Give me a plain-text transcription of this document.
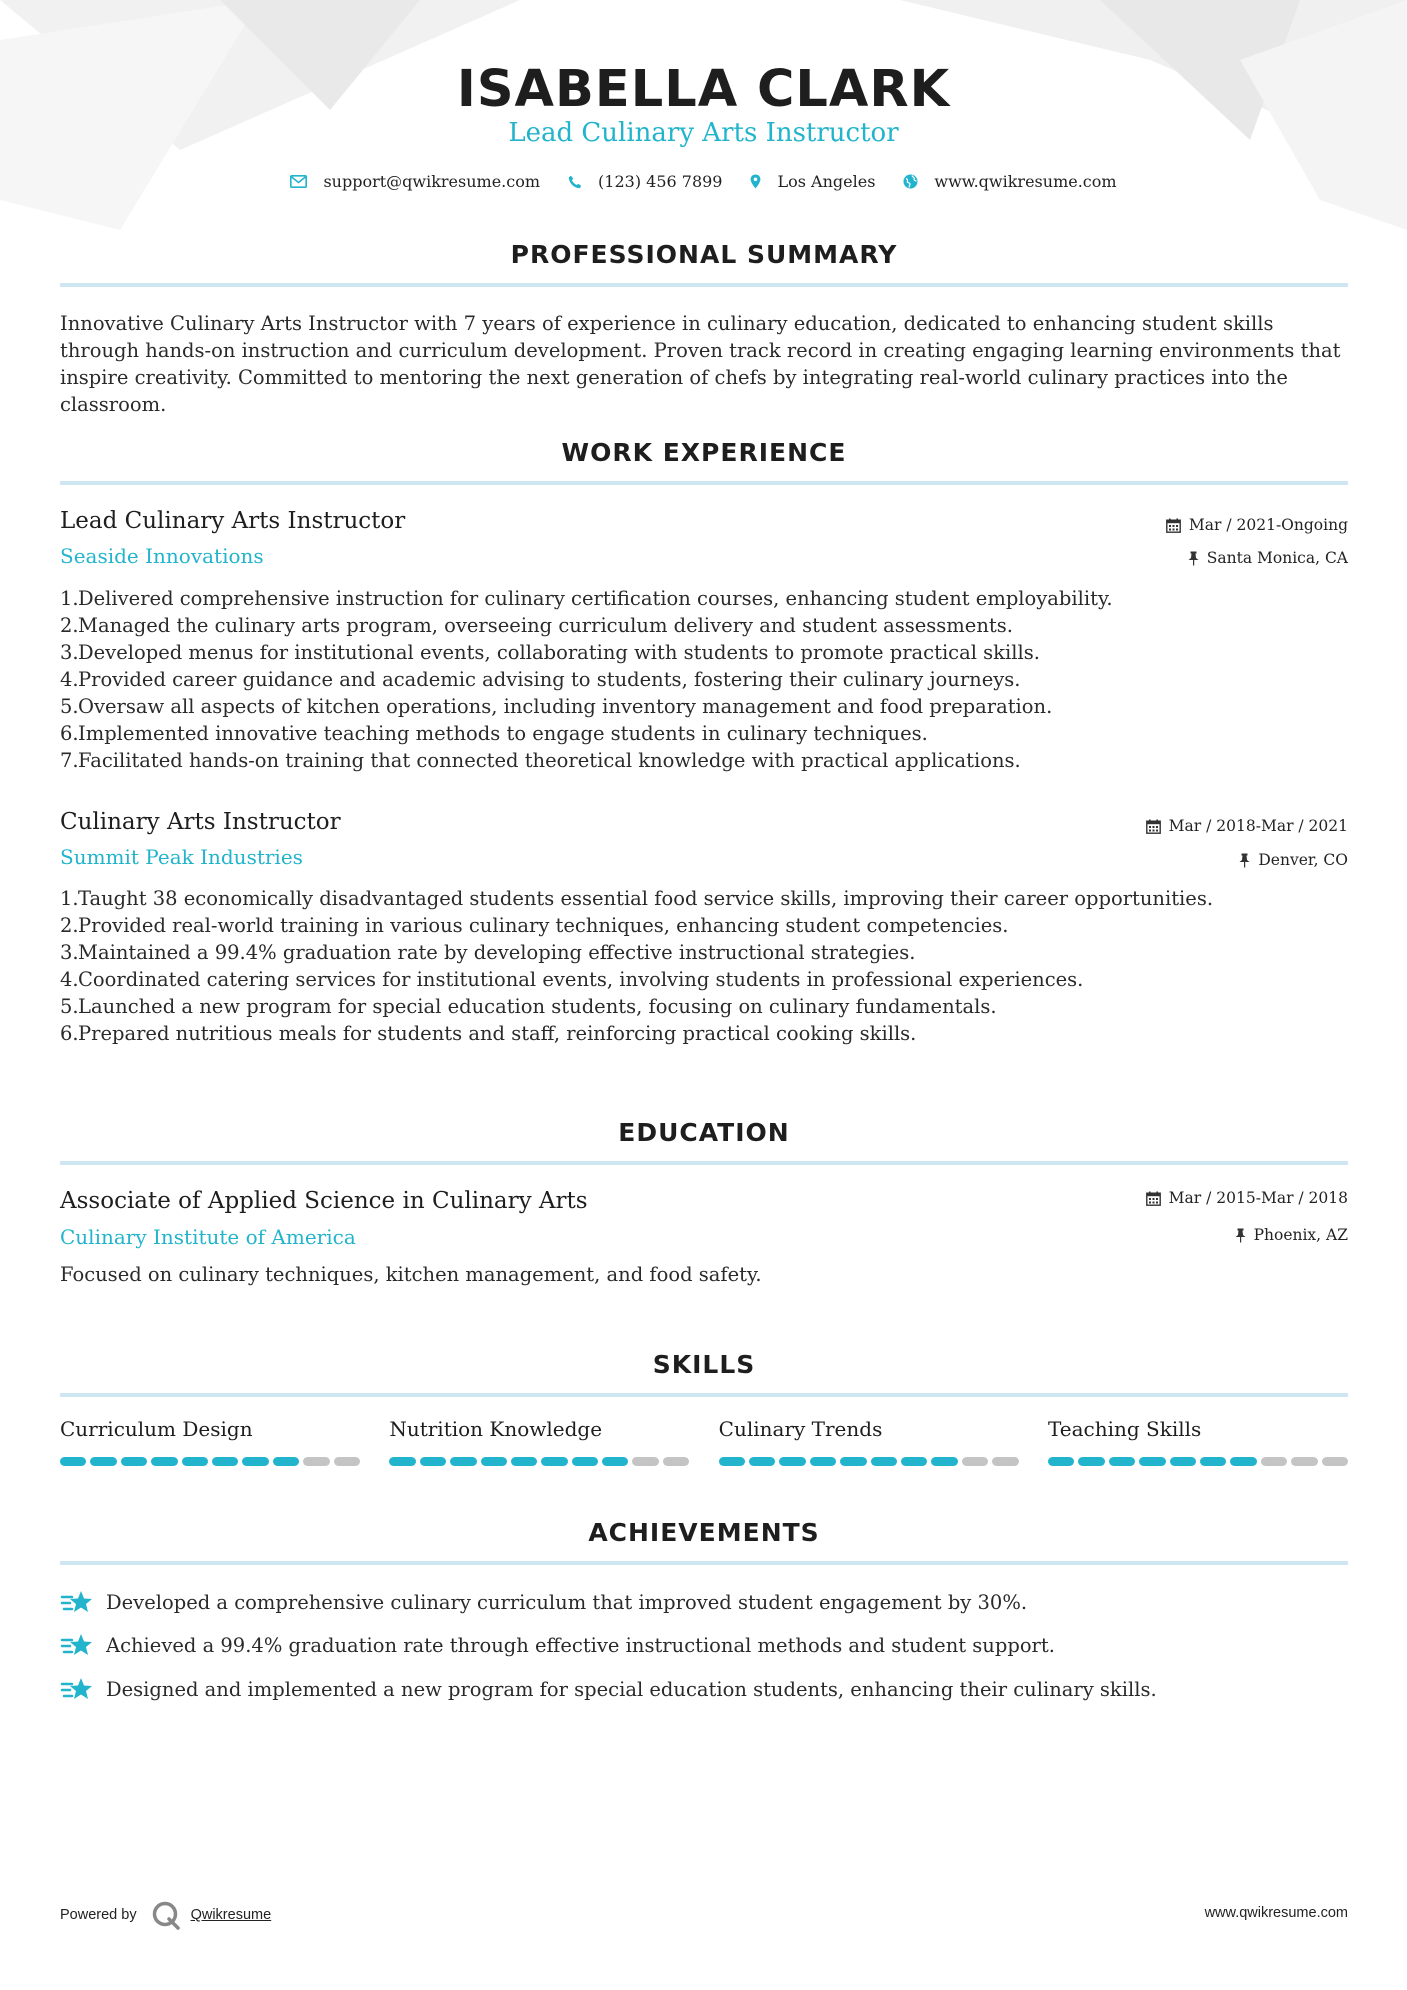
ISABELLA CLARK
Lead Culinary Arts Instructor
support@qwikresume.com	(123) 456 7899	Los Angeles	www.qwikresume.com
PROFESSIONAL SUMMARY
Innovative Culinary Arts Instructor with 7 years of experience in culinary education, dedicated to enhancing student skills through hands-on instruction and curriculum development. Proven track record in creating engaging learning environments that inspire creativity. Committed to mentoring the next generation of chefs by integrating real-world culinary practices into the classroom.
WORK EXPERIENCE
Lead Culinary Arts Instructor
Seaside Innovations
Mar / 2021-Ongoing
Santa Monica, CA
1. Delivered comprehensive instruction for culinary certification courses, enhancing student employability.
2. Managed the culinary arts program, overseeing curriculum delivery and student assessments.
3. Developed menus for institutional events, collaborating with students to promote practical skills.
4. Provided career guidance and academic advising to students, fostering their culinary journeys.
5. Oversaw all aspects of kitchen operations, including inventory management and food preparation.
6. Implemented innovative teaching methods to engage students in culinary techniques.
7. Facilitated hands-on training that connected theoretical knowledge with practical applications.
Culinary Arts Instructor
Summit Peak Industries
Mar / 2018-Mar / 2021
Denver, CO
1. Taught 38 economically disadvantaged students essential food service skills, improving their career opportunities.
2. Provided real-world training in various culinary techniques, enhancing student competencies.
3. Maintained a 99.4% graduation rate by developing effective instructional strategies.
4. Coordinated catering services for institutional events, involving students in professional experiences.
5. Launched a new program for special education students, focusing on culinary fundamentals.
6. Prepared nutritious meals for students and staff, reinforcing practical cooking skills.
EDUCATION
Associate of Applied Science in Culinary Arts
Culinary Institute of America
Mar / 2015-Mar / 2018
Phoenix, AZ
Focused on culinary techniques, kitchen management, and food safety.
SKILLS
Curriculum Design	Nutrition Knowledge	Culinary Trends	Teaching Skills
ACHIEVEMENTS
Developed a comprehensive culinary curriculum that improved student engagement by 30%.
Achieved a 99.4% graduation rate through effective instructional methods and student support.
Designed and implemented a new program for special education students, enhancing their culinary skills.
Powered by	Qwikresume	www.qwikresume.com
